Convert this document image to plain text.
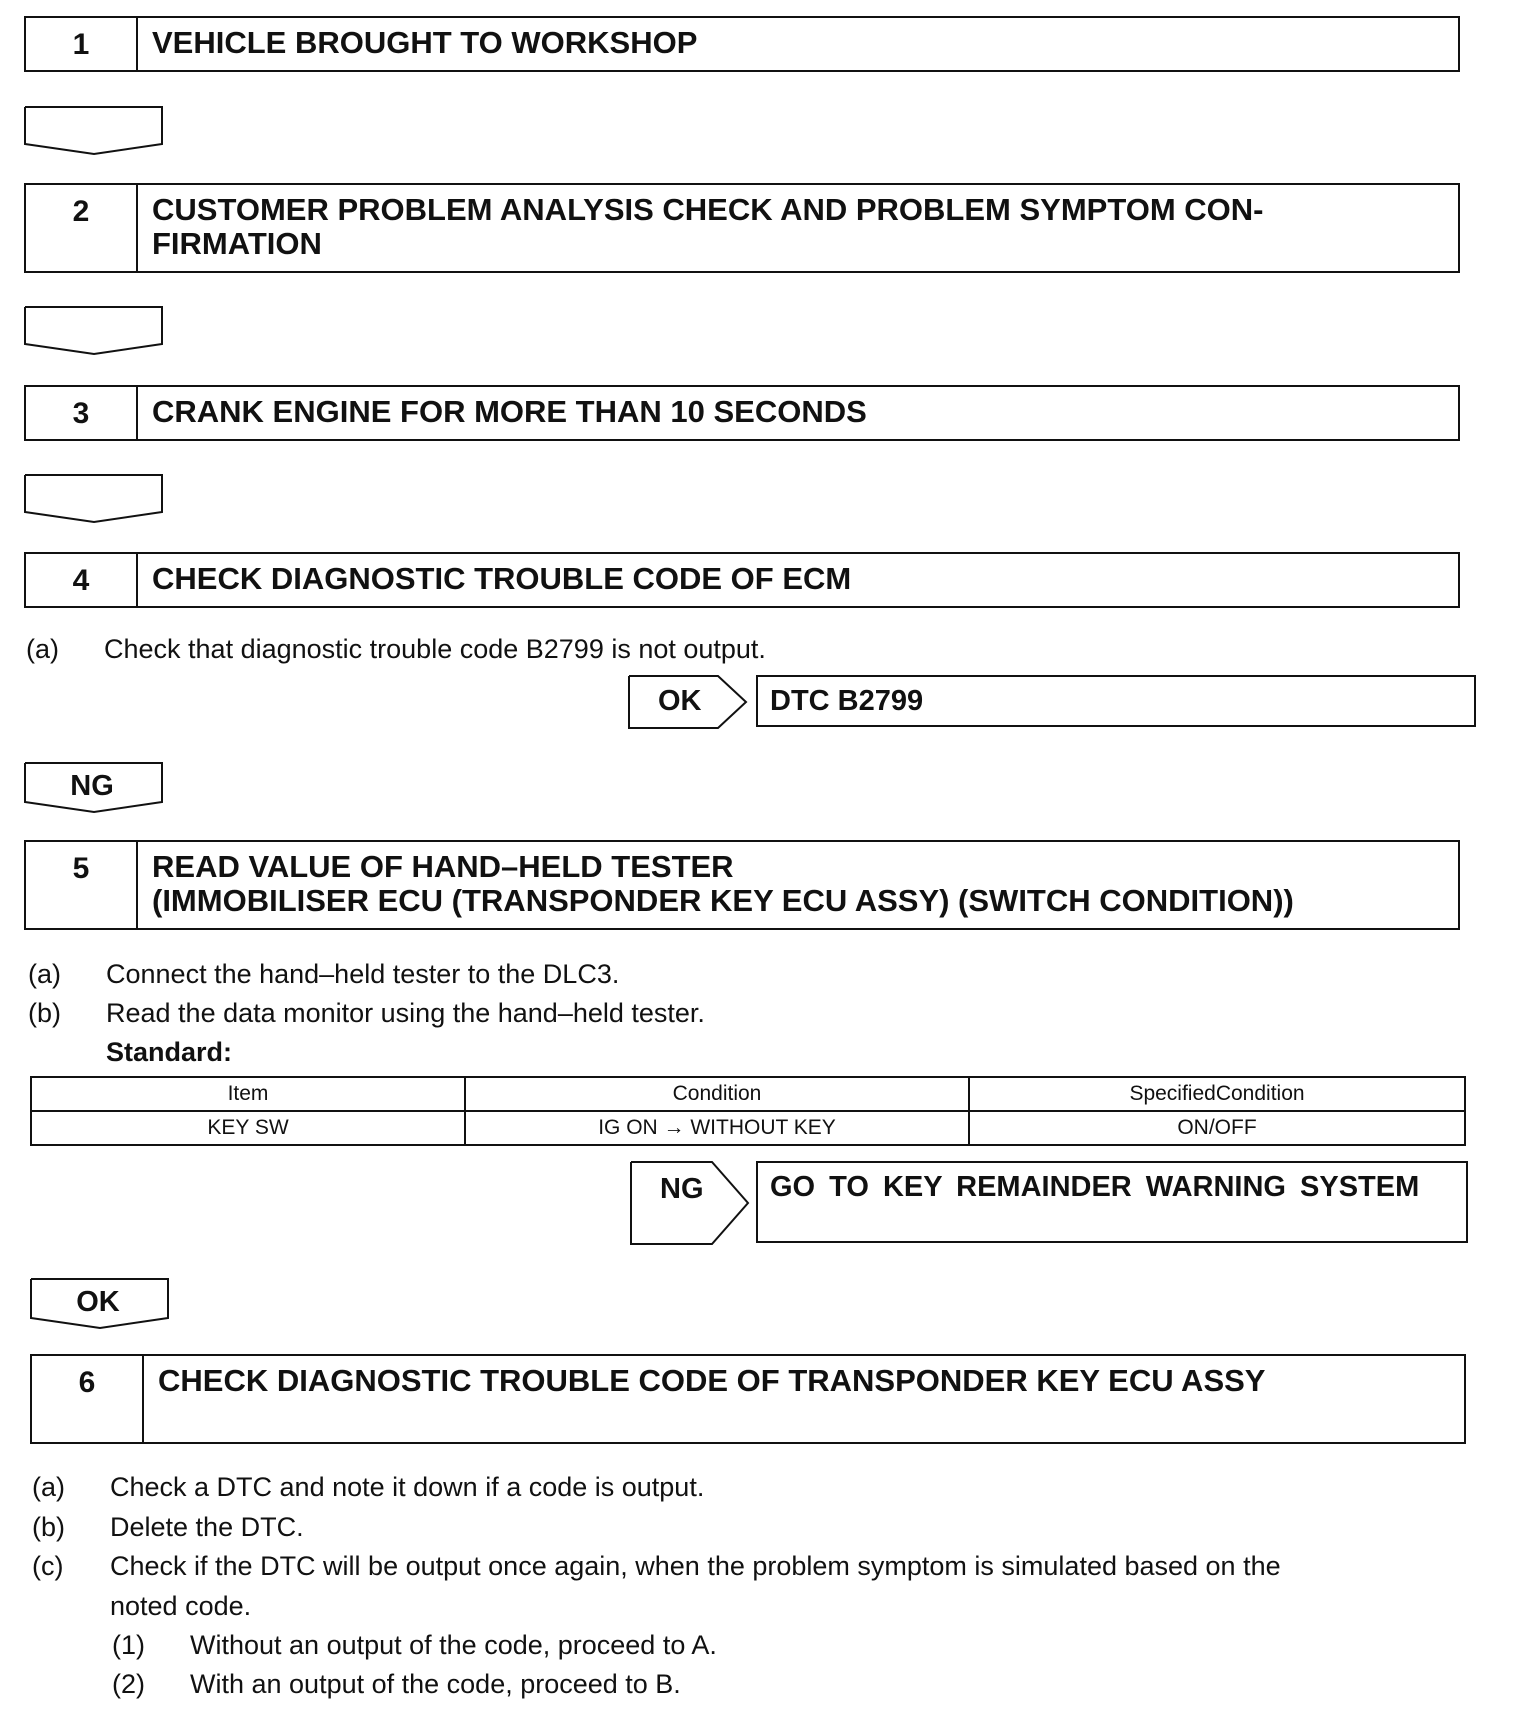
1	VEHICLE BROUGHT TO WORKSHOP
2	CUSTOMER PROBLEM ANALYSIS CHECK AND PROBLEM SYMPTOM CON-
FIRMATION
3	CRANK ENGINE FOR MORE THAN 10 SECONDS
4	CHECK DIAGNOSTIC TROUBLE CODE OF ECM
(a) Check that diagnostic trouble code B2799 is not output.
OK	DTC B2799
NG
5	READ VALUE OF HAND–HELD TESTER
(IMMOBILISER ECU (TRANSPONDER KEY ECU ASSY) (SWITCH CONDITION))
(a) Connect the hand–held tester to the DLC3.
(b) Read the data monitor using the hand–held tester.
Standard:
Item	Condition	SpecifiedCondition
KEY SW	IG ON → WITHOUT KEY	ON/OFF
NG	GO TO KEY REMAINDER WARNING SYSTEM
OK
6	CHECK DIAGNOSTIC TROUBLE CODE OF TRANSPONDER KEY ECU ASSY
(a) Check a DTC and note it down if a code is output.
(b) Delete the DTC.
(c) Check if the DTC will be output once again, when the problem symptom is simulated based on the
noted code.
(1) Without an output of the code, proceed to A.
(2) With an output of the code, proceed to B.
